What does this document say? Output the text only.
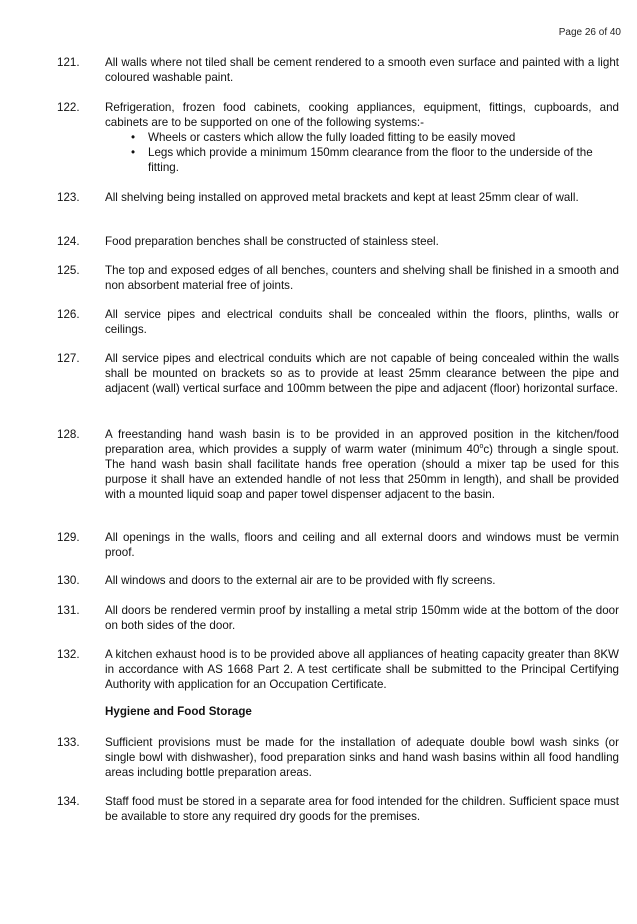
Page 26 of 40
121.	All walls where not tiled shall be cement rendered to a smooth even surface and painted with a light coloured washable paint.
122.	Refrigeration, frozen food cabinets, cooking appliances, equipment, fittings, cupboards, and cabinets are to be supported on one of the following systems:-
• Wheels or casters which allow the fully loaded fitting to be easily moved
• Legs which provide a minimum 150mm clearance from the floor to the underside of the fitting.
123.	All shelving being installed on approved metal brackets and kept at least 25mm clear of wall.
124.	Food preparation benches shall be constructed of stainless steel.
125.	The top and exposed edges of all benches, counters and shelving shall be finished in a smooth and non absorbent material free of joints.
126.	All service pipes and electrical conduits shall be concealed within the floors, plinths, walls or ceilings.
127.	All service pipes and electrical conduits which are not capable of being concealed within the walls shall be mounted on brackets so as to provide at least 25mm clearance between the pipe and adjacent (wall) vertical surface and 100mm between the pipe and adjacent (floor) horizontal surface.
128.	A freestanding hand wash basin is to be provided in an approved position in the kitchen/food preparation area, which provides a supply of warm water (minimum 40$^o$c) through a single spout. The hand wash basin shall facilitate hands free operation (should a mixer tap be used for this purpose it shall have an extended handle of not less that 250mm in length), and shall be provided with a mounted liquid soap and paper towel dispenser adjacent to the basin.
129.	All openings in the walls, floors and ceiling and all external doors and windows must be vermin proof.
130.	All windows and doors to the external air are to be provided with fly screens.
131.	All doors be rendered vermin proof by installing a metal strip 150mm wide at the bottom of the door on both sides of the door.
132.	A kitchen exhaust hood is to be provided above all appliances of heating capacity greater than 8KW in accordance with AS 1668 Part 2. A test certificate shall be submitted to the Principal Certifying Authority with application for an Occupation Certificate.
Hygiene and Food Storage
133.	Sufficient provisions must be made for the installation of adequate double bowl wash sinks (or single bowl with dishwasher), food preparation sinks and hand wash basins within all food handling areas including bottle preparation areas.
134.	Staff food must be stored in a separate area for food intended for the children. Sufficient space must be available to store any required dry goods for the premises.
